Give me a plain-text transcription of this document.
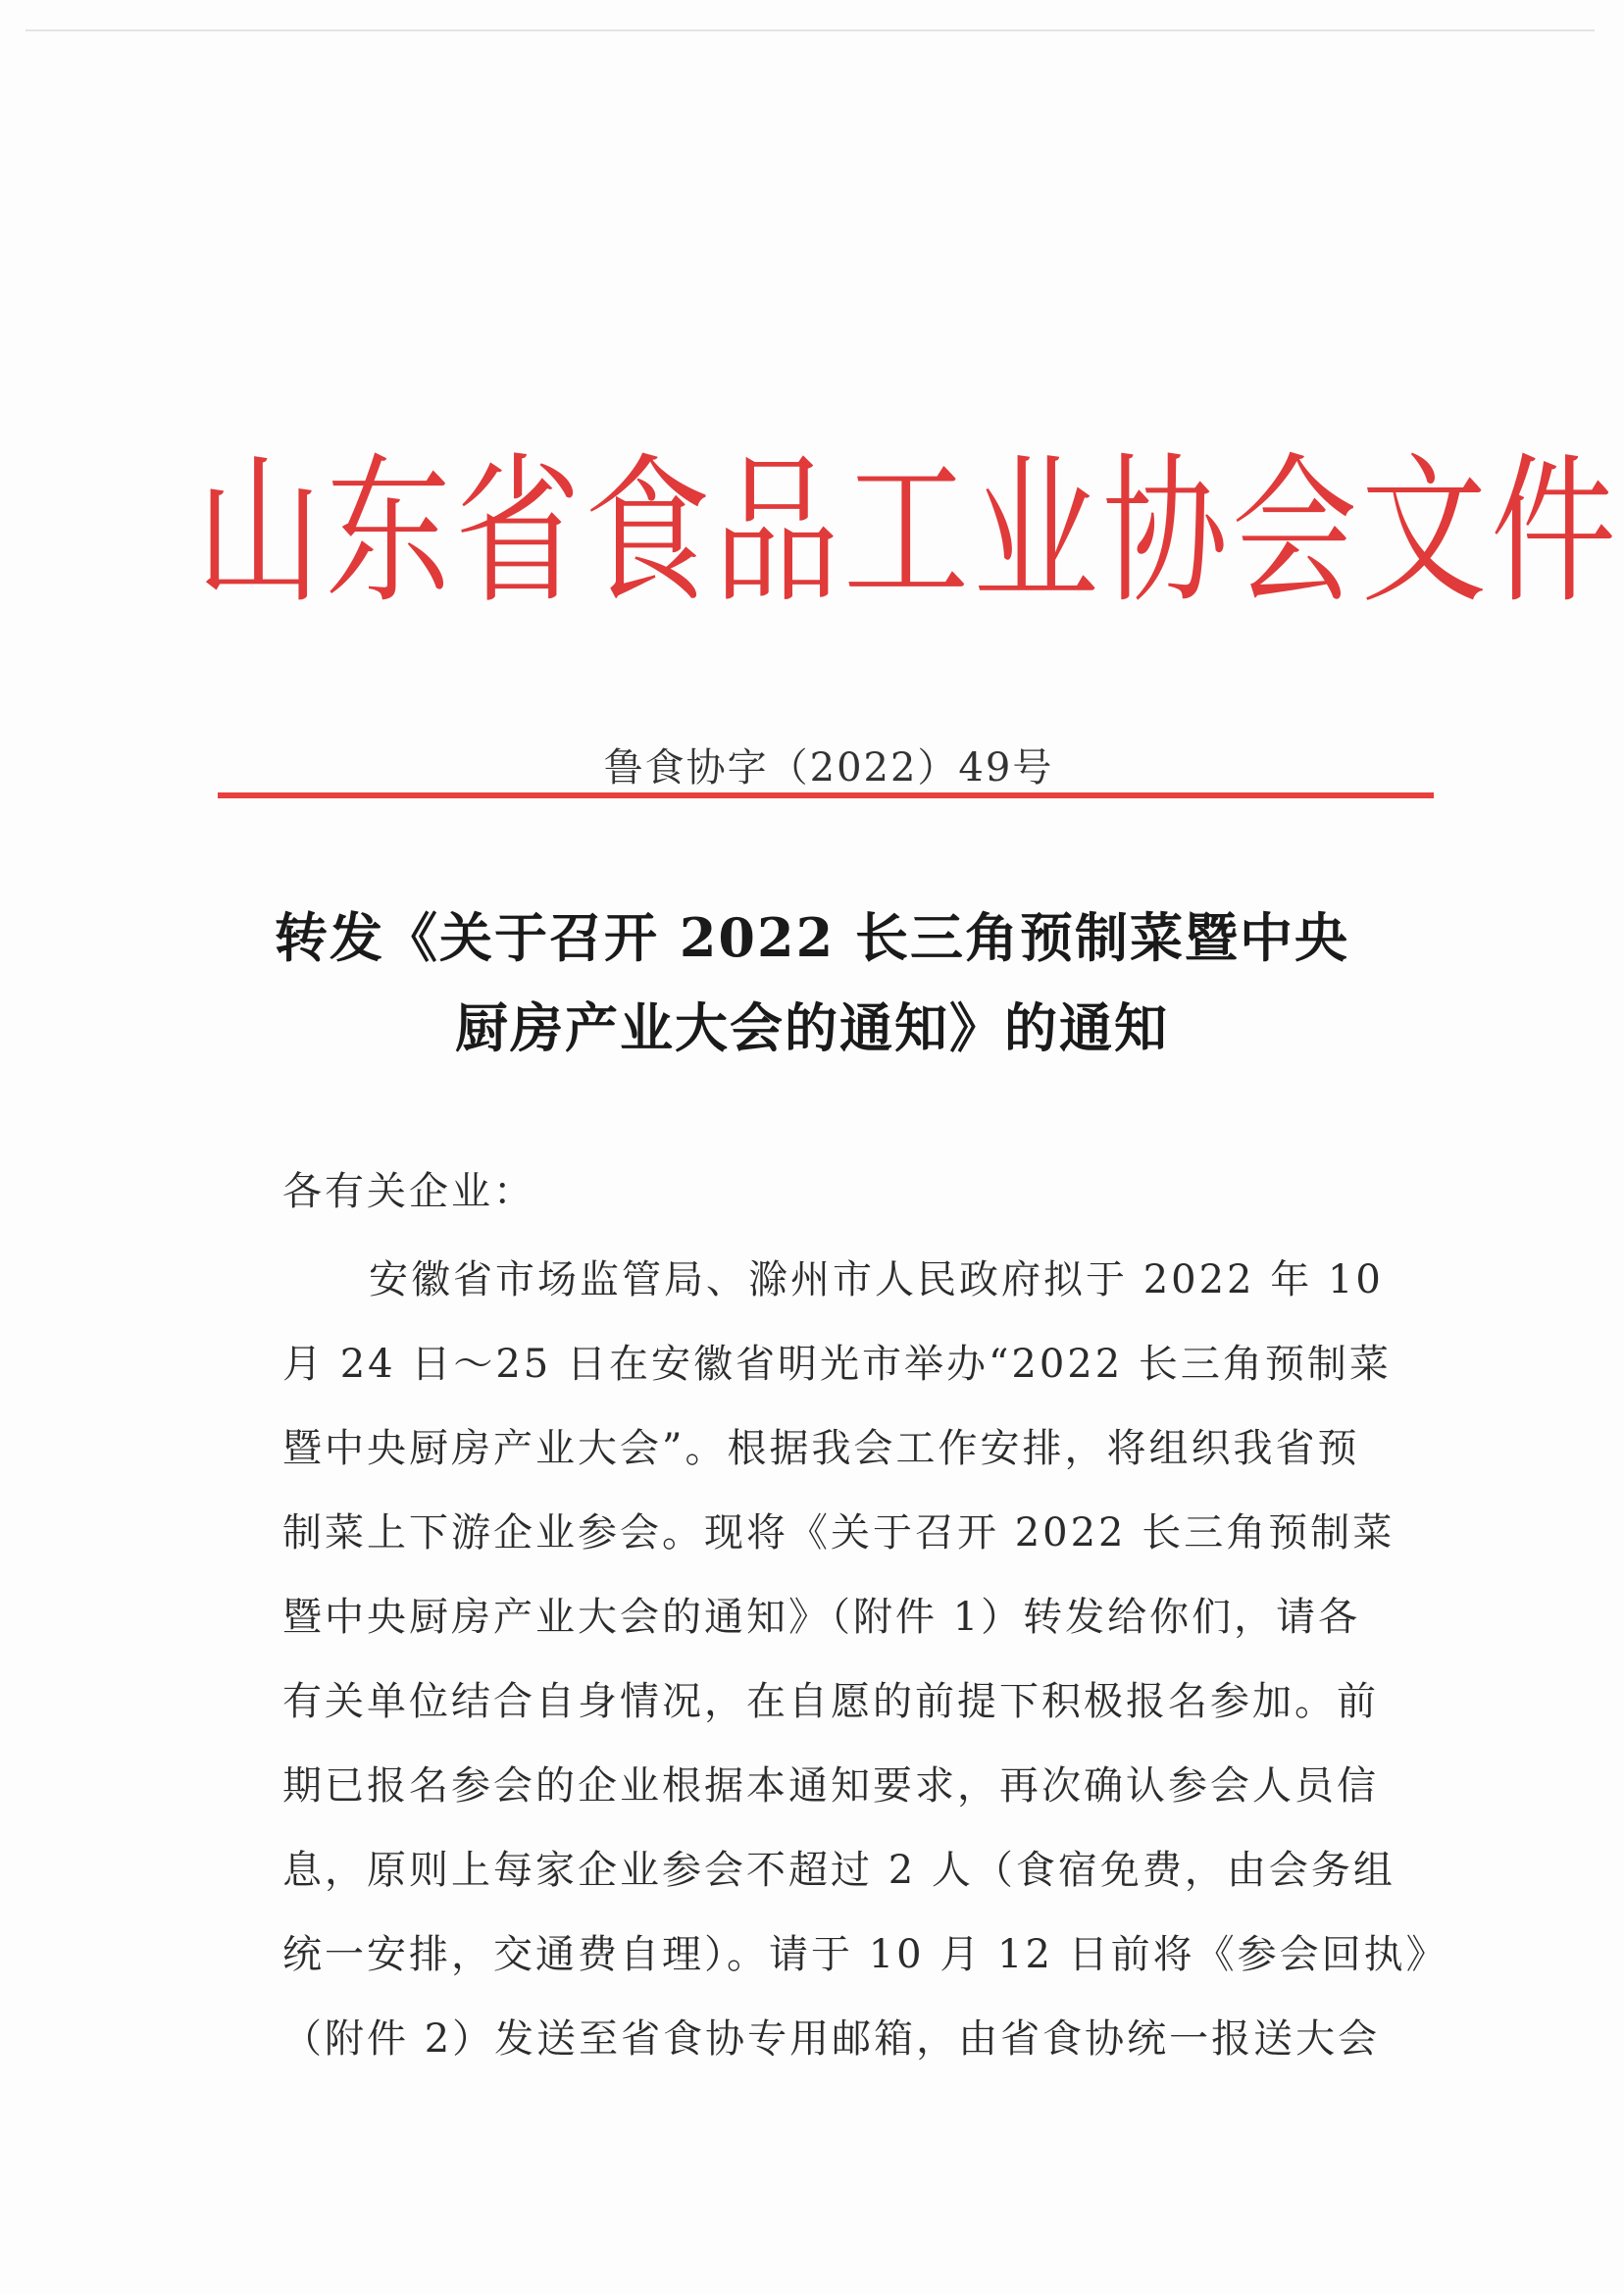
山东省食品工业协会文件
鲁食协字（2022）49号
转发《关于召开 2022 长三角预制菜暨中央
厨房产业大会的通知》的通知
各有关企业：
安徽省市场监管局、滁州市人民政府拟于 2022 年 10
月 24 日～25 日在安徽省明光市举办“2022 长三角预制菜
暨中央厨房产业大会”。根据我会工作安排，将组织我省预
制菜上下游企业参会。现将《关于召开 2022 长三角预制菜
暨中央厨房产业大会的通知》（附件 1）转发给你们，请各
有关单位结合自身情况，在自愿的前提下积极报名参加。前
期已报名参会的企业根据本通知要求，再次确认参会人员信
息，原则上每家企业参会不超过 2 人（食宿免费，由会务组
统一安排，交通费自理）。请于 10 月 12 日前将《参会回执》
（附件 2）发送至省食协专用邮箱，由省食协统一报送大会
